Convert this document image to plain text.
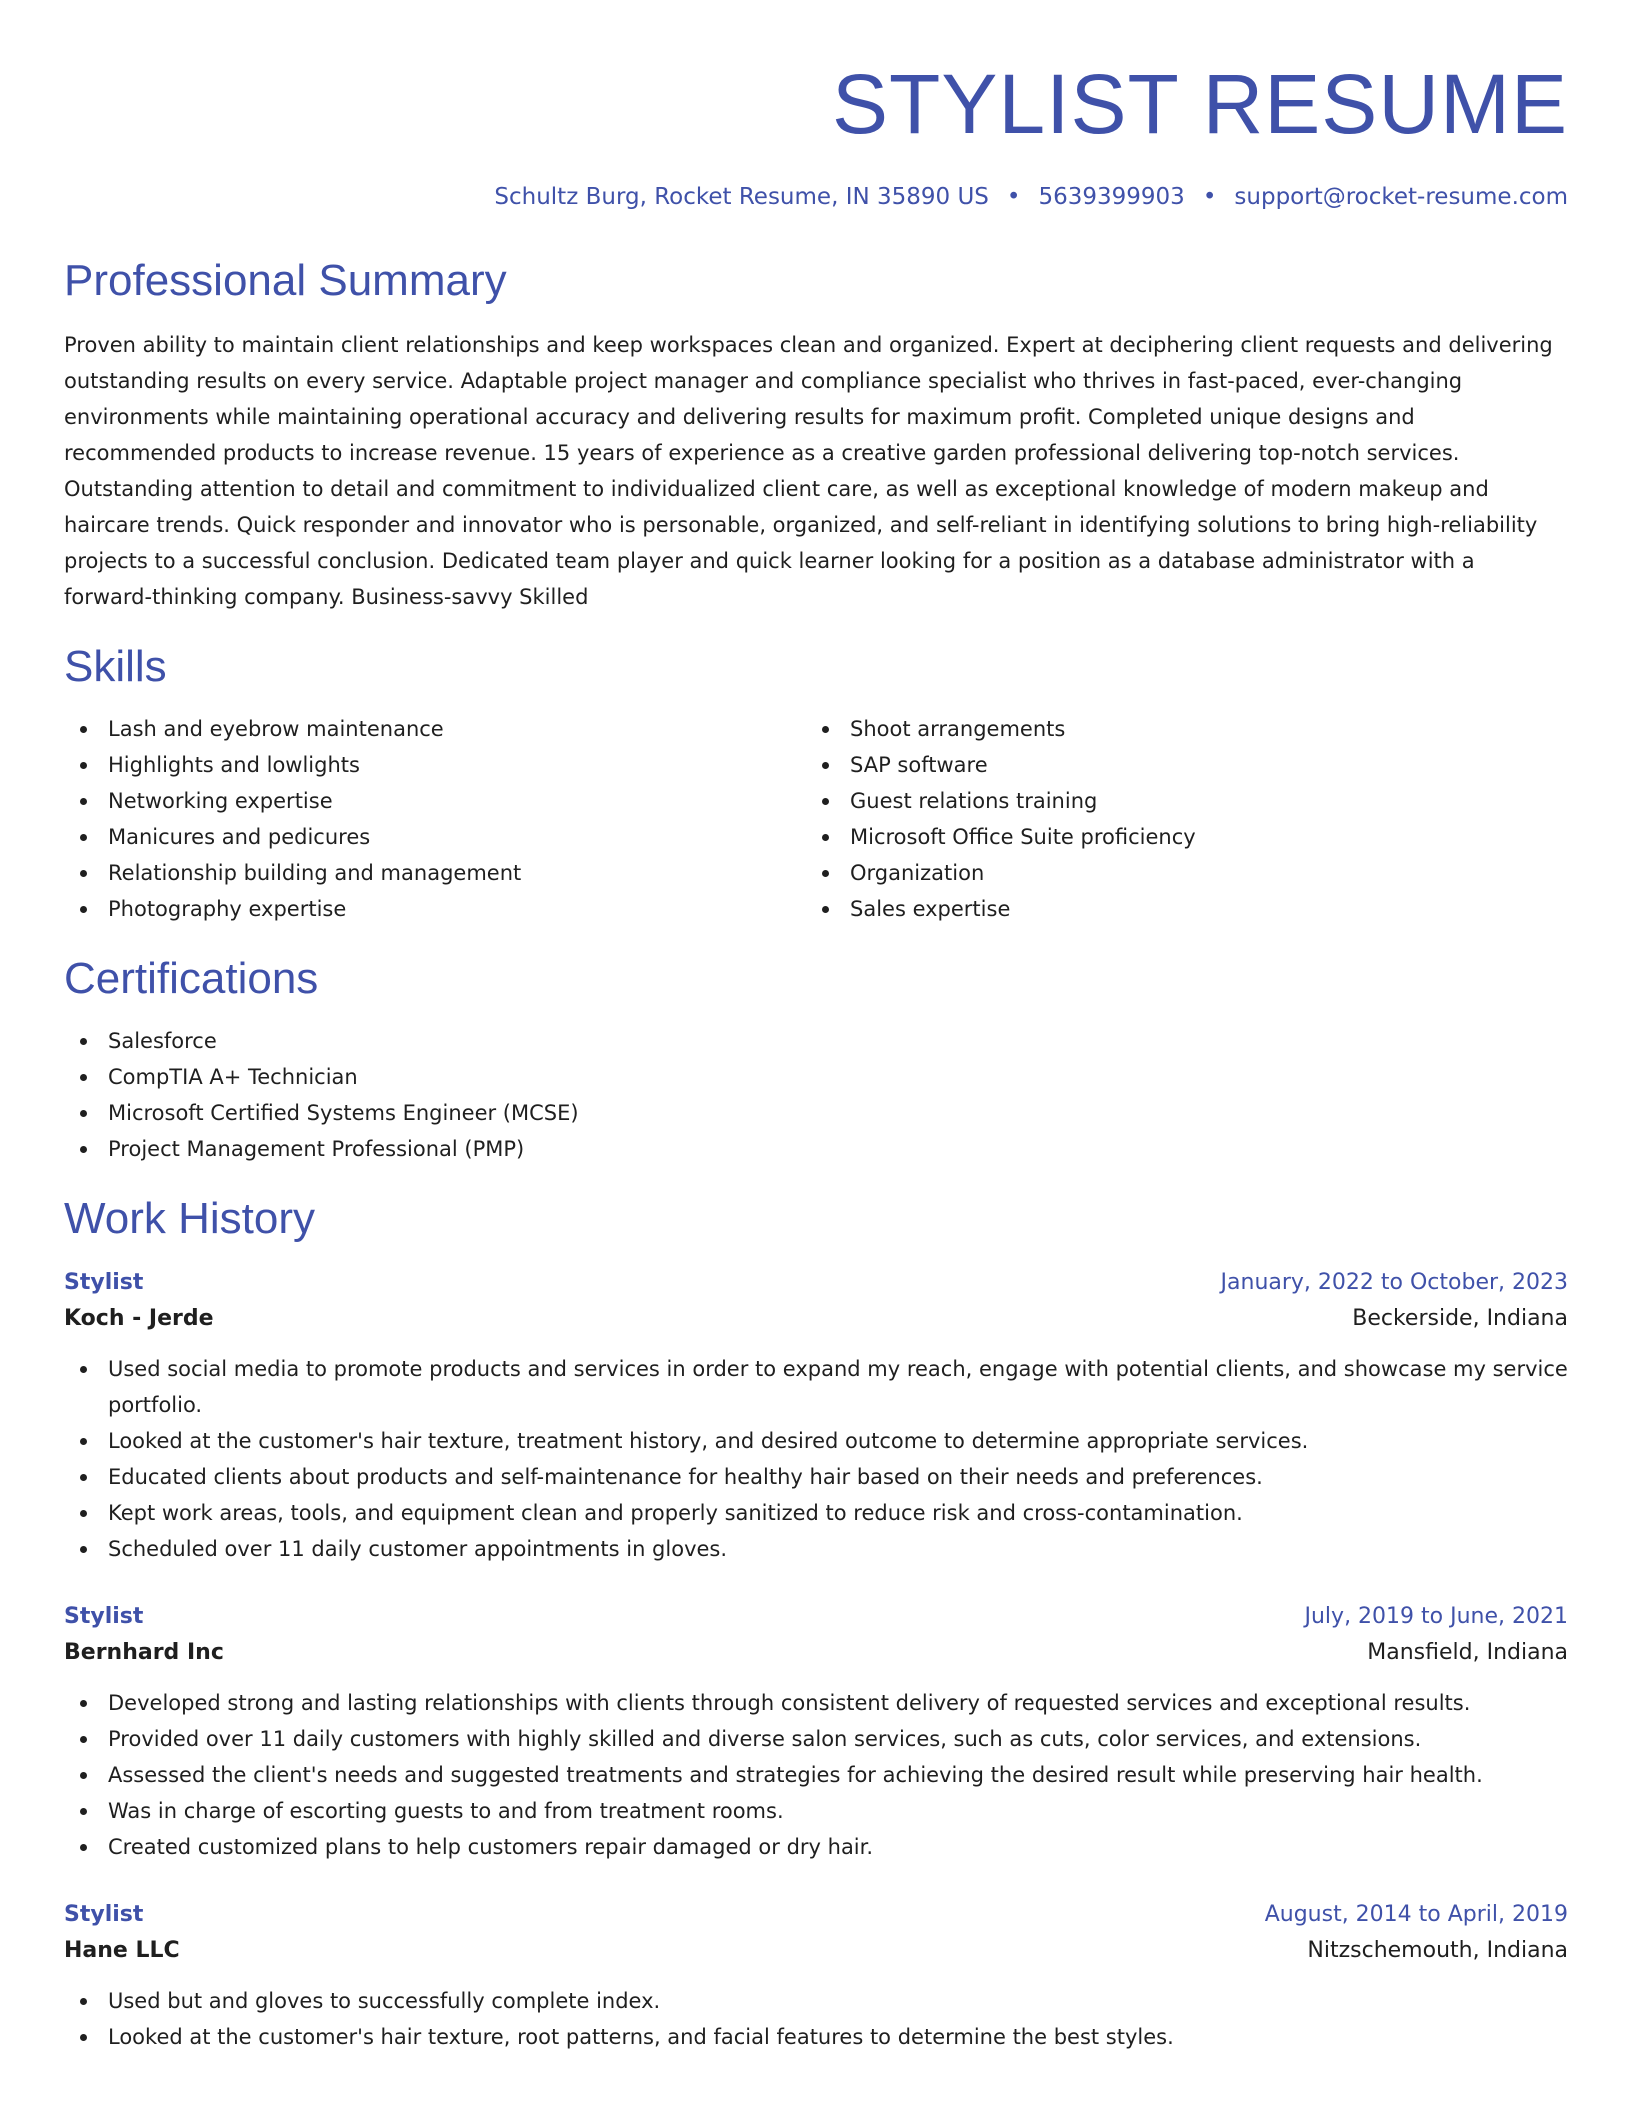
STYLIST RESUME
Schultz Burg, Rocket Resume, IN 35890 US • 5639399903 • support@rocket-resume.com
Professional Summary

Proven ability to maintain client relationships and keep workspaces clean and organized. Expert at deciphering client requests and delivering outstanding results on every service. Adaptable project manager and compliance specialist who thrives in fast-paced, ever-changing environments while maintaining operational accuracy and delivering results for maximum profit. Completed unique designs and recommended products to increase revenue. 15 years of experience as a creative garden professional delivering top-notch services. Outstanding attention to detail and commitment to individualized client care, as well as exceptional knowledge of modern makeup and haircare trends. Quick responder and innovator who is personable, organized, and self-reliant in identifying solutions to bring high-reliability projects to a successful conclusion. Dedicated team player and quick learner looking for a position as a database administrator with a forward-thinking company. Business-savvy Skilled

Skills
Lash and eyebrow maintenance
Highlights and lowlights
Networking expertise
Manicures and pedicures
Relationship building and management
Photography expertise
Shoot arrangements
SAP software
Guest relations training
Microsoft Office Suite proficiency
Organization
Sales expertise
Certifications
Salesforce
CompTIA A+ Technician
Microsoft Certified Systems Engineer (MCSE)
Project Management Professional (PMP)
Work History
Stylist	January, 2022 to October, 2023
Koch - Jerde	Beckerside, Indiana
Used social media to promote products and services in order to expand my reach, engage with potential clients, and showcase my service portfolio.
Looked at the customer's hair texture, treatment history, and desired outcome to determine appropriate services.
Educated clients about products and self-maintenance for healthy hair based on their needs and preferences.
Kept work areas, tools, and equipment clean and properly sanitized to reduce risk and cross-contamination.
Scheduled over 11 daily customer appointments in gloves.
Stylist	July, 2019 to June, 2021
Bernhard Inc	Mansfield, Indiana
Developed strong and lasting relationships with clients through consistent delivery of requested services and exceptional results.
Provided over 11 daily customers with highly skilled and diverse salon services, such as cuts, color services, and extensions.
Assessed the client's needs and suggested treatments and strategies for achieving the desired result while preserving hair health.
Was in charge of escorting guests to and from treatment rooms.
Created customized plans to help customers repair damaged or dry hair.
Stylist	August, 2014 to April, 2019
Hane LLC	Nitzschemouth, Indiana
Used but and gloves to successfully complete index.
Looked at the customer's hair texture, root patterns, and facial features to determine the best styles.
